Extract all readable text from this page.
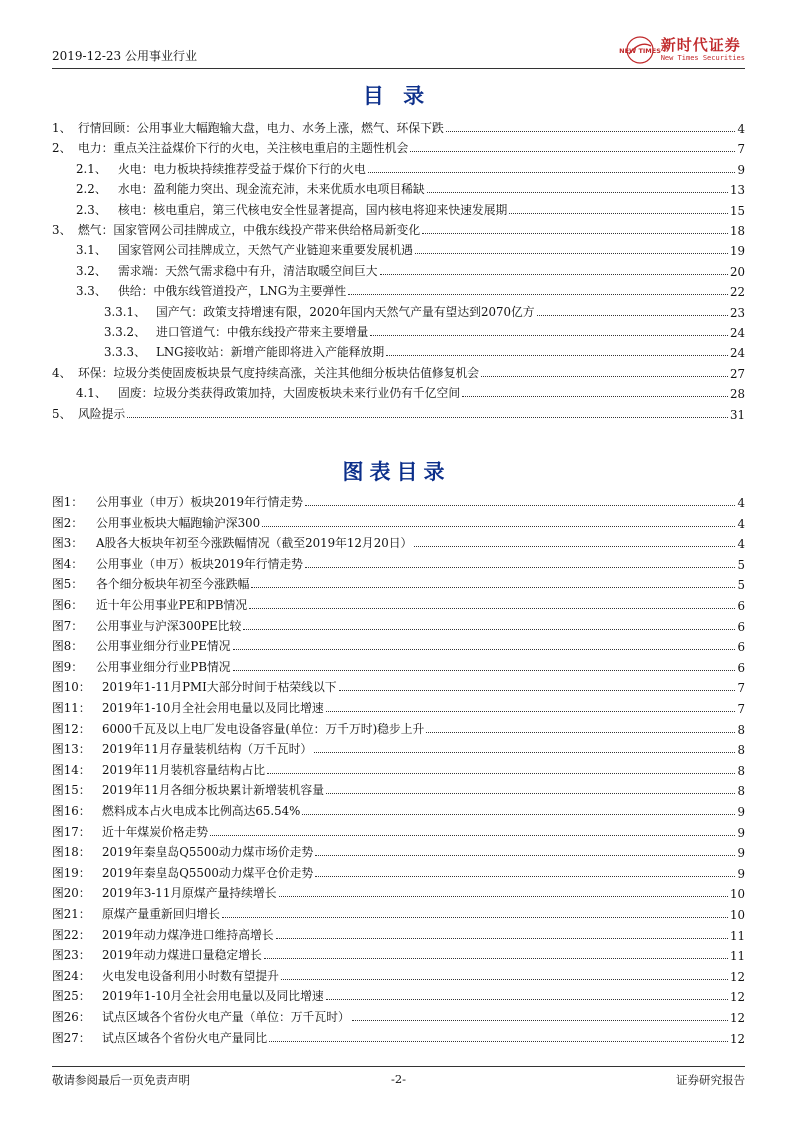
2019-12-23 公用事业行业	NEW TIMES 新时代证券
New Times Securities
目 录
1、 行情回顾：公用事业大幅跑输大盘，电力、水务上涨，燃气、环保下跌	4
2、 电力：重点关注益煤价下行的火电，关注核电重启的主题性机会	7
2.1、 火电：电力板块持续推荐受益于煤价下行的火电	9
2.2、 水电：盈利能力突出、现金流充沛，未来优质水电项目稀缺	13
2.3、 核电：核电重启，第三代核电安全性显著提高，国内核电将迎来快速发展期	15
3、 燃气：国家管网公司挂牌成立，中俄东线投产带来供给格局新变化	18
3.1、 国家管网公司挂牌成立，天然气产业链迎来重要发展机遇	19
3.2、 需求端：天然气需求稳中有升，清洁取暖空间巨大	20
3.3、 供给：中俄东线管道投产，LNG为主要弹性	22
3.3.1、 国产气：政策支持增速有限，2020年国内天然气产量有望达到2070亿方	23
3.3.2、 进口管道气：中俄东线投产带来主要增量	24
3.3.3、 LNG接收站：新增产能即将进入产能释放期	24
4、 环保：垃圾分类使固废板块景气度持续高涨，关注其他细分板块估值修复机会	27
4.1、 固废：垃圾分类获得政策加持，大固废板块未来行业仍有千亿空间	28
5、 风险提示	31
图表目录
图1：	公用事业（申万）板块2019年行情走势	4
图2：	公用事业板块大幅跑输沪深300	4
图3：	A股各大板块年初至今涨跌幅情况（截至2019年12月20日）	4
图4：	公用事业（申万）板块2019年行情走势	5
图5：	各个细分板块年初至今涨跌幅	5
图6：	近十年公用事业PE和PB情况	6
图7：	公用事业与沪深300PE比较	6
图8：	公用事业细分行业PE情况	6
图9：	公用事业细分行业PB情况	6
图10： 2019年1-11月PMI大部分时间于枯荣线以下	7
图11： 2019年1-10月全社会用电量以及同比增速	7
图12： 6000千瓦及以上电厂发电设备容量(单位：万千万时)稳步上升	8
图13： 2019年11月存量装机结构（万千瓦时）	8
图14： 2019年11月装机容量结构占比	8
图15： 2019年11月各细分板块累计新增装机容量	8
图16： 燃料成本占火电成本比例高达65.54%	9
图17： 近十年煤炭价格走势	9
图18： 2019年秦皇岛Q5500动力煤市场价走势	9
图19： 2019年秦皇岛Q5500动力煤平仓价走势	9
图20： 2019年3-11月原煤产量持续增长	10
图21： 原煤产量重新回归增长	10
图22： 2019年动力煤净进口维持高增长	11
图23： 2019年动力煤进口量稳定增长	11
图24： 火电发电设备利用小时数有望提升	12
图25： 2019年1-10月全社会用电量以及同比增速	12
图26： 试点区域各个省份火电产量（单位：万千瓦时）	12
图27： 试点区域各个省份火电产量同比	12
敬请参阅最后一页免责声明	-2-	证券研究报告
